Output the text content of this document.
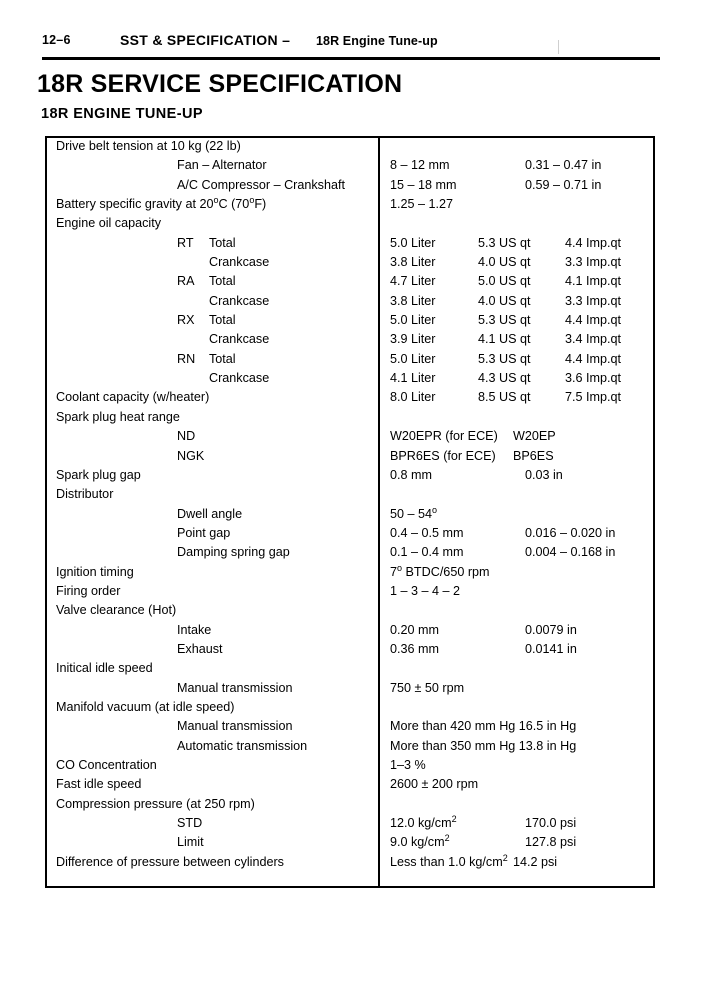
12–6	SST & SPECIFICATION – 18R Engine Tune-up
18R SERVICE SPECIFICATION
18R ENGINE TUNE-UP
Drive belt tension at 10 kg (22 lb)
Fan – Alternator	8 – 12 mm	0.31 – 0.47 in
A/C Compressor – Crankshaft	15 – 18 mm	0.59 – 0.71 in
Battery specific gravity at 20$^o$C (70$^o$F)	1.25 – 1.27
Engine oil capacity
RT Total	5.0 Liter	5.3 US qt	4.4 Imp.qt
Crankcase	3.8 Liter	4.0 US qt	3.3 Imp.qt
RA Total	4.7 Liter	5.0 US qt	4.1 Imp.qt
Crankcase	3.8 Liter	4.0 US qt	3.3 Imp.qt
RX Total	5.0 Liter	5.3 US qt	4.4 Imp.qt
Crankcase	3.9 Liter	4.1 US qt	3.4 Imp.qt
RN Total	5.0 Liter	5.3 US qt	4.4 Imp.qt
Crankcase	4.1 Liter	4.3 US qt	3.6 Imp.qt
Coolant capacity (w/heater)	8.0 Liter	8.5 US qt	7.5 Imp.qt
Spark plug heat range
ND	W20EPR (for ECE) W20EP
NGK	BPR6ES (for ECE) BP6ES
Spark plug gap	0.8 mm	0.03 in
Distributor
Dwell angle	50 – 54$^o$
Point gap	0.4 – 0.5 mm	0.016 – 0.020 in
Damping spring gap	0.1 – 0.4 mm	0.004 – 0.168 in
Ignition timing	7$^o$ BTDC/650 rpm
Firing order	1 – 3 – 4 – 2
Valve clearance (Hot)
Intake	0.20 mm	0.0079 in
Exhaust	0.36 mm	0.0141 in
Initical idle speed
Manual transmission	750 ± 50 rpm
Manifold vacuum (at idle speed)
Manual transmission	More than 420 mm Hg 16.5 in Hg
Automatic transmission	More than 350 mm Hg 13.8 in Hg
CO Concentration	1–3 %
Fast idle speed	2600 ± 200 rpm
Compression pressure (at 250 rpm)
STD	12.0 $kg/cm^2$	170.0 psi
Limit	9.0 $kg/cm^2$	127.8 psi
Difference of pressure between cylinders	Less than 1.0 $kg/cm^2$ 14.2 psi
